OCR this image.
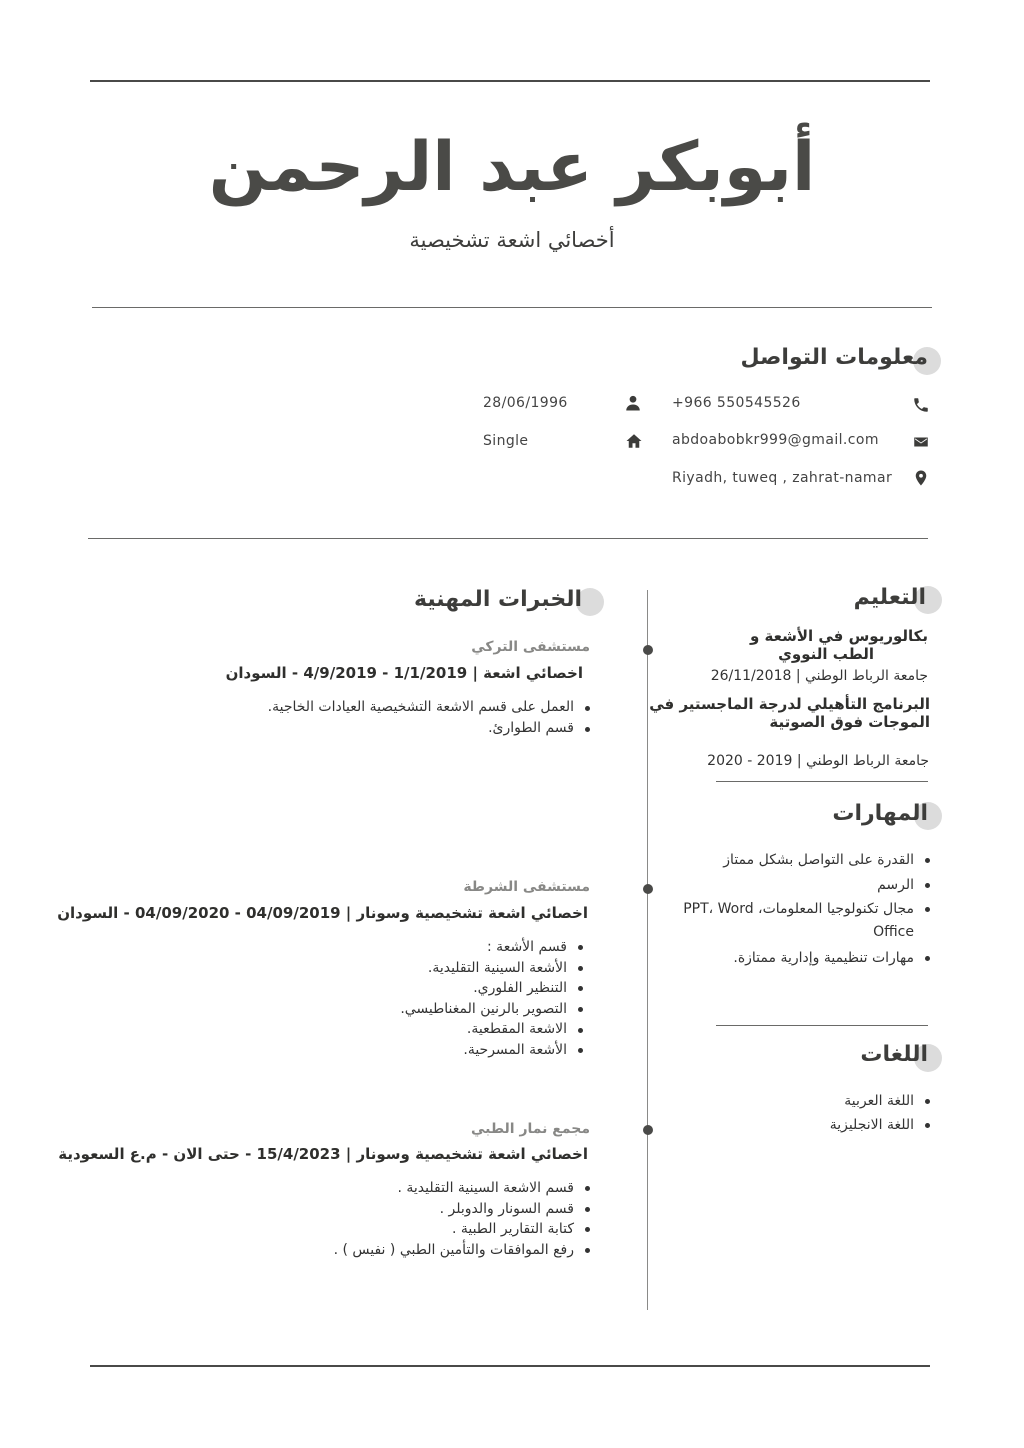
أبوبكر عبد الرحمن
أخصائي اشعة تشخيصية
معلومات التواصل
+966 550545526
abdoabobkr999@gmail.com
Riyadh, tuweq , zahrat-namar
28/06/1996
Single
الخبرات المهنية
مستشفى التركي
اخصائي اشعة | 1/1/2019 - 4/9/2019 - السودان
العمل على قسم الاشعة التشخيصية العيادات الخاجية.
قسم الطوارئ.
مستشفى الشرطة
اخصائي اشعة تشخيصية وسونار | 04/09/2019 - 04/09/2020 - السودان
قسم الأشعة :
الأشعة السينية التقليدية.
التنظير الفلوري.
التصوير بالرنين المغناطيسي.
الاشعة المقطعية.
الأشعة المسرحية.
مجمع نمار الطبي
اخصائي اشعة تشخيصية وسونار | 15/4/2023 - حتى الان - م.ع السعودية
قسم الاشعة السينية التقليدية .
قسم السونار والدوبلر .
كتابة التقارير الطبية .
رفع الموافقات والتأمين الطبي ( نفيس ) .
التعليم
بكالوريوس في الأشعة و
الطب النووي
جامعة الرباط الوطني | 26/11/2018
البرنامج التأهيلي لدرجة الماجستير في
الموجات فوق الصوتية
جامعة الرباط الوطني | 2019 - 2020
المهارات
القدرة على التواصل بشكل ممتاز
الرسم
مجال تكنولوجيا المعلومات، PPT، Word
Office
مهارات تنظيمية وإدارية ممتازة.
اللغات
اللغة العربية
اللغة الانجليزية
